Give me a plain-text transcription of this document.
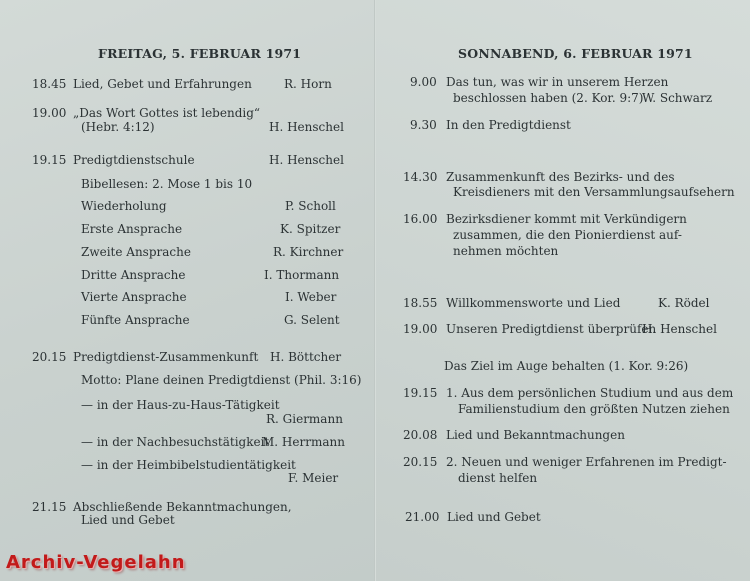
FREITAG, 5. FEBRUAR 1971
18.45 Lied, Gebet und Erfahrungen	R. Horn
19.00 „Das Wort Gottes ist lebendig“
(Hebr. 4:12)	H. Henschel
19.15 Predigtdienstschule	H. Henschel
Bibellesen: 2. Mose 1 bis 10
Wiederholung	P. Scholl
Erste Ansprache	K. Spitzer
Zweite Ansprache	R. Kirchner
Dritte Ansprache	I. Thormann
Vierte Ansprache	I. Weber
Fünfte Ansprache	G. Selent
20.15 Predigtdienst-Zusammenkunft H. Böttcher
Motto: Plane deinen Predigtdienst (Phil. 3:16)
— in der Haus-zu-Haus-Tätigkeit
R. Giermann
— in der Nachbesuchstätigkeit
M. Herrmann
— in der Heimbibelstudientätigkeit
F. Meier
21.15 Abschließende Bekanntmachungen,
Lied und Gebet
SONNABEND, 6. FEBRUAR 1971
9.00 Das tun, was wir in unserem Herzen
beschlossen haben (2. Kor. 9:7)
W. Schwarz
9.30 In den Predigtdienst
14.30 Zusammenkunft des Bezirks- und des
Kreisdieners mit den Versammlungsaufsehern
16.00 Bezirksdiener kommt mit Verkündigern
zusammen, die den Pionierdienst auf-
nehmen möchten
18.55 Willkommensworte und Lied	K. Rödel
19.00 Unseren Predigtdienst überprüfen
H. Henschel
Das Ziel im Auge behalten (1. Kor. 9:26)
19.15 1. Aus dem persönlichen Studium und aus dem
Familienstudium den größten Nutzen ziehen
20.08 Lied und Bekanntmachungen
20.15 2. Neuen und weniger Erfahrenen im Predigt-
dienst helfen
21.00 Lied und Gebet
Archiv-Vegelahn
